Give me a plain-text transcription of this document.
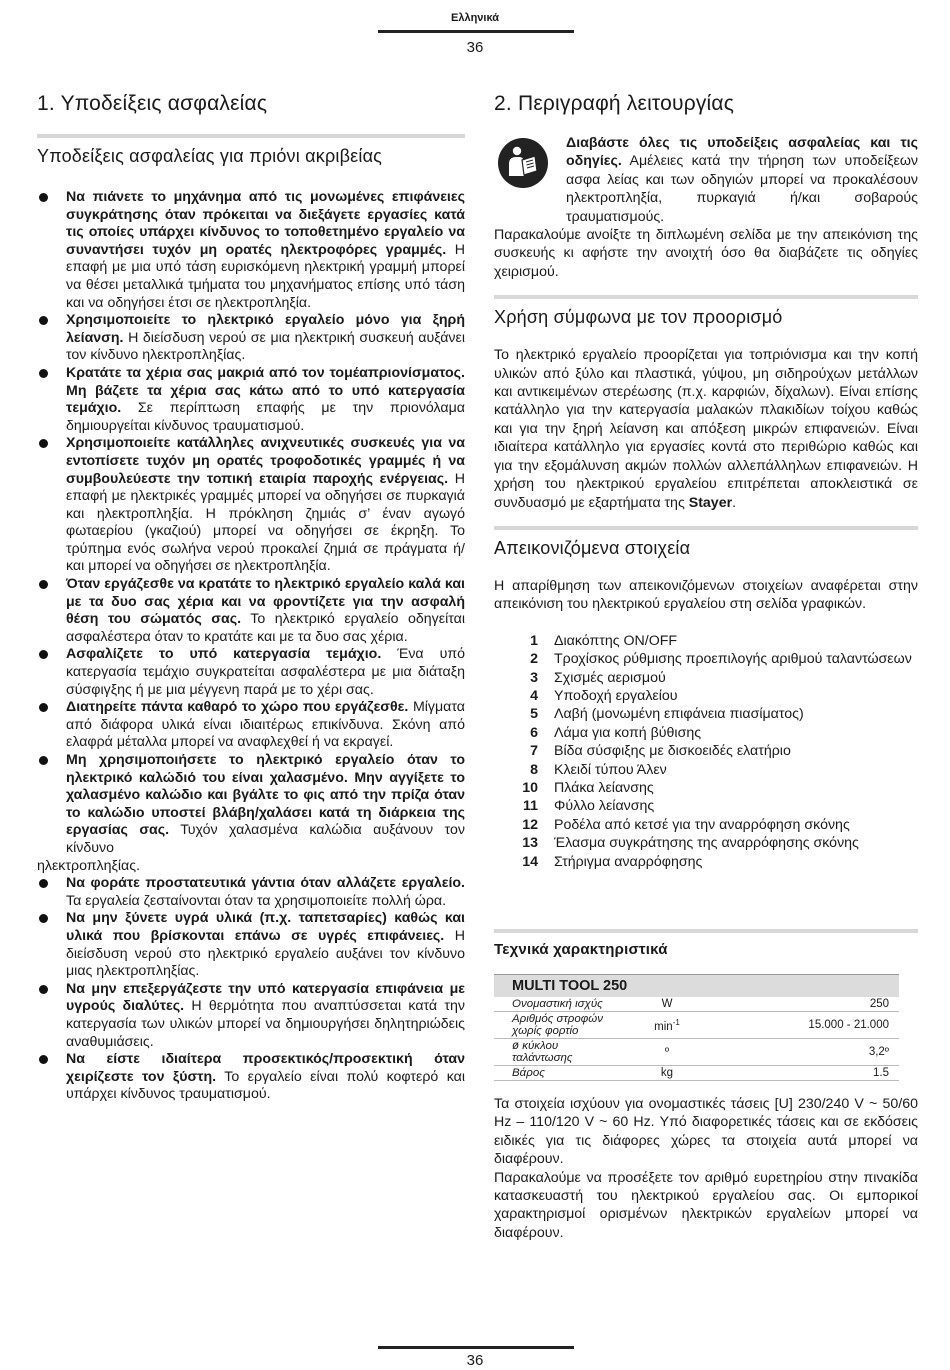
Ελληνικά
36
1. Υποδείξεις ασφαλείας
Υποδείξεις ασφαλείας για πριόνι ακριβείας
Να πιάνετε το μηχάνημα από τις μονωμένες επιφάνειες συγκράτησης όταν πρόκειται να διεξάγετε εργασίες κατά τις οποίες υπάρχει κίνδυνος το τοποθετημένο εργαλείο να συναντήσει τυχόν μη ορατές ηλεκτροφόρες γραμμές. Η επαφή με μια υπό τάση ευρισκόμενη ηλεκτρική γραμμή μπορεί να θέσει μεταλλικά τμήματα του μηχανήματος επίσης υπό τάση και να οδηγήσει έτσι σε ηλεκτροπληξία.
Χρησιμοποιείτε το ηλεκτρικό εργαλείο μόνο για ξηρή λείανση. Η διείσδυση νερού σε μια ηλεκτρική συσκευή αυξάνει τον κίνδυνο ηλεκτροπληξίας.
Κρατάτε τα χέρια σας μακριά από τον τομέαπριονίσματος. Μη βάζετε τα χέρια σας κάτω από το υπό κατεργασία τεμάχιο. Σε περίπτωση επαφής με την πριονόλαμα δημιουργείται κίνδυνος τραυματισμού.
Χρησιμοποιείτε κατάλληλες ανιχνευτικές συσκευές για να εντοπίσετε τυχόν μη ορατές τροφοδοτικές γραμμές ή να συμβουλεύεστε την τοπική εταιρία παροχής ενέργειας. Η επαφή με ηλεκτρικές γραμμές μπορεί να οδηγήσει σε πυρκαγιά και ηλεκτροπληξία. Η πρόκληση ζημιάς σ’ έναν αγωγό φωταερίου (γκαζιού) μπορεί να οδηγήσει σε έκρηξη. Το τρύπημα ενός σωλήνα νερού προκαλεί ζημιά σε πράγματα ή/και μπορεί να οδηγήσει σε ηλεκτροπληξία.
Όταν εργάζεσθε να κρατάτε το ηλεκτρικό εργαλείο καλά και με τα δυο σας χέρια και να φροντίζετε για την ασφαλή θέση του σώματός σας. Το ηλεκτρικό εργαλείο οδηγείται ασφαλέστερα όταν το κρατάτε και με τα δυο σας χέρια.
Ασφαλίζετε το υπό κατεργασία τεμάχιο. Ένα υπό κατεργασία τεμάχιο συγκρατείται ασφαλέστερα με μια διάταξη σύσφιγξης ή με μια μέγγενη παρά με το χέρι σας.
Διατηρείτε πάντα καθαρό το χώρο που εργάζεσθε. Μίγματα από διάφορα υλικά είναι ιδιαιτέρως επικίνδυνα. Σκόνη από ελαφρά μέταλλα μπορεί να αναφλεχθεί ή να εκραγεί.
Μη χρησιμοποιήσετε το ηλεκτρικό εργαλείο όταν το ηλεκτρικό καλώδιό του είναι χαλασμένο. Μην αγγίξετε το χαλασμένο καλώδιο και βγάλτε το φις από την πρίζα όταν το καλώδιο υποστεί βλάβη/χαλάσει κατά τη διάρκεια της εργασίας σας. Τυχόν χαλασμένα καλώδια αυξάνουν τον κίνδυνο
ηλεκτροπληξίας.
Να φοράτε προστατευτικά γάντια όταν αλλάζετε εργαλείο. Τα εργαλεία ζεσταίνονται όταν τα χρησιμοποιείτε πολλή ώρα.
Να μην ξύνετε υγρά υλικά (π.χ. ταπετσαρίες) καθώς και υλικά που βρίσκονται επάνω σε υγρές επιφάνειες. Η διείσδυση νερού στο ηλεκτρικό εργαλείο αυξάνει τον κίνδυνο μιας ηλεκτροπληξίας.
Να μην επεξεργάζεστε την υπό κατεργασία επιφάνεια με υγρούς διαλύτες. Η θερμότητα που αναπτύσσεται κατά την κατεργασία των υλικών μπορεί να δημιουργήσει δηλητηριώδεις αναθυμιάσεις.
Να είστε ιδιαίτερα προσεκτικός/προσεκτική όταν χειρίζεστε τον ξύστη. Το εργαλείο είναι πολύ κοφτερό και υπάρχει κίνδυνος τραυματισμού.
2. Περιγραφή λειτουργίας
Διαβάστε όλες τις υποδείξεις ασφαλείας και τις οδηγίες. Αμέλειες κατά την τήρηση των υποδείξεων ασφα λείας και των οδηγιών μπορεί να προκαλέσουν ηλεκτροπληξία, πυρκαγιά ή/και σοβαρούς τραυματισμούς.

Παρακαλούμε ανοίξτε τη διπλωμένη σελίδα με την απεικόνιση της συσκευής κι αφήστε την ανοιχτή όσο θα διαβάζετε τις οδηγίες χειρισμού.

Χρήση σύμφωνα με τον προορισμό

Το ηλεκτρικό εργαλείο προορίζεται για τοπριόνισμα και την κοπή υλικών από ξύλο και πλαστικά, γύψου, μη σιδηρούχων μετάλλων και αντικειμένων στερέωσης (π.χ. καρφιών, δίχαλων). Είναι επίσης κατάλληλο για την κατεργασία μαλακών πλακιδίων τοίχου καθώς και για την ξηρή λείανση και απόξεση μικρών επιφανειών. Είναι ιδιαίτερα κατάλληλο για εργασίες κοντά στο περιθώριο καθώς και για την εξομάλυνση ακμών πολλών αλλεπάλληλων επιφανειών. Η χρήση του ηλεκτρικού εργαλείου επιτρέπεται αποκλειστικά σε συνδυασμό με εξαρτήματα της Stayer.

Απεικονιζόμενα στοιχεία

Η απαρίθμηση των απεικονιζόμενων στοιχείων αναφέρεται στην απεικόνιση του ηλεκτρικού εργαλείου στη σελίδα γραφικών.

1	Διακόπτης ON/OFF
2	Τροχίσκος ρύθμισης προεπιλογής αριθμού ταλαντώσεων
3	Σχισμές αερισμού
4	Υποδοχή εργαλείου
5	Λαβή (μονωμένη επιφάνεια πιασίματος)
6	Λάμα για κοπή βύθισης
7	Βίδα σύσφιξης με δισκοειδές ελατήριο
8	Κλειδί τύπου Άλεν
10	Πλάκα λείανσης
11	Φύλλο λείανσης
12	Ροδέλα από κετσέ για την αναρρόφηση σκόνης
13	Έλασμα συγκράτησης της αναρρόφησης σκόνης
14	Στήριγμα αναρρόφησης
Τεχνικά χαρακτηριστικά
MULTI TOOL 250
Ονομαστική ισχύς	W	250
Αριθμός στροφών χωρίς φορτίο	$\min^{-1}$	15.000 - 21.000
ø κύκλου ταλάντωσης	º	3,2º
Βάρος	kg	1.5

Τα στοιχεία ισχύουν για ονομαστικές τάσεις [U] 230/240 V ~ 50/60 Hz – 110/120 V ~ 60 Hz. Υπό διαφορετικές τάσεις και σε εκδόσεις ειδικές για τις διάφορες χώρες τα στοιχεία αυτά μπορεί να διαφέρουν.

Παρακαλούμε να προσέξετε τον αριθμό ευρετηρίου στην πινακίδα κατασκευαστή του ηλεκτρικού εργαλείου σας. Οι εμπορικοί χαρακτηρισμοί ορισμένων ηλεκτρικών εργαλείων μπορεί να διαφέρουν.

36
